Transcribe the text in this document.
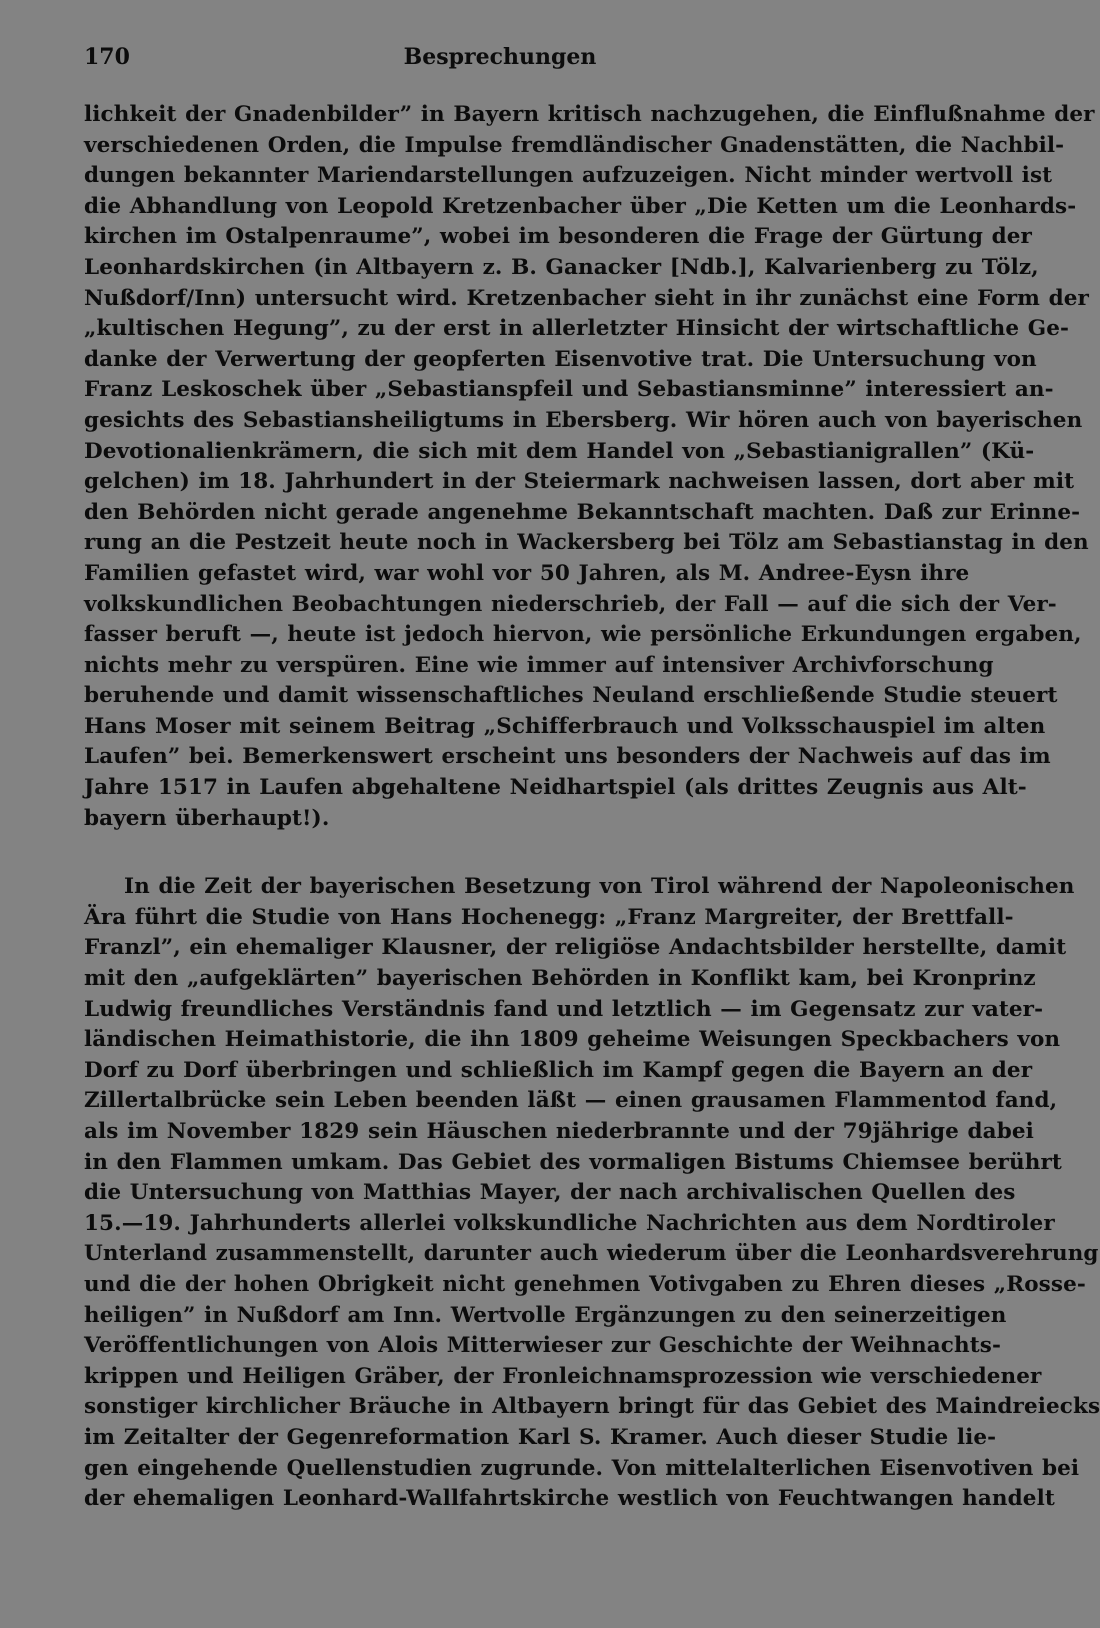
170	Besprechungen
lichkeit der Gnadenbilder” in Bayern kritisch nachzugehen, die Einflußnahme der
verschiedenen Orden, die Impulse fremdländischer Gnadenstätten, die Nachbil-
dungen bekannter Mariendarstellungen aufzuzeigen. Nicht minder wertvoll ist
die Abhandlung von Leopold Kretzenbacher über „Die Ketten um die Leonhards-
kirchen im Ostalpenraume”, wobei im besonderen die Frage der Gürtung der
Leonhardskirchen (in Altbayern z. B. Ganacker [Ndb.], Kalvarienberg zu Tölz,
Nußdorf/Inn) untersucht wird. Kretzenbacher sieht in ihr zunächst eine Form der
„kultischen Hegung”, zu der erst in allerletzter Hinsicht der wirtschaftliche Ge-
danke der Verwertung der geopferten Eisenvotive trat. Die Untersuchung von
Franz Leskoschek über „Sebastianspfeil und Sebastiansminne” interessiert an-
gesichts des Sebastiansheiligtums in Ebersberg. Wir hören auch von bayerischen
Devotionalienkrämern, die sich mit dem Handel von „Sebastianigrallen” (Kü-
gelchen) im 18. Jahrhundert in der Steiermark nachweisen lassen, dort aber mit
den Behörden nicht gerade angenehme Bekanntschaft machten. Daß zur Erinne-
rung an die Pestzeit heute noch in Wackersberg bei Tölz am Sebastianstag in den
Familien gefastet wird, war wohl vor 50 Jahren, als M. Andree-Eysn ihre
volkskundlichen Beobachtungen niederschrieb, der Fall — auf die sich der Ver-
fasser beruft —, heute ist jedoch hiervon, wie persönliche Erkundungen ergaben,
nichts mehr zu verspüren. Eine wie immer auf intensiver Archivforschung
beruhende und damit wissenschaftliches Neuland erschließende Studie steuert
Hans Moser mit seinem Beitrag „Schifferbrauch und Volksschauspiel im alten
Laufen” bei. Bemerkenswert erscheint uns besonders der Nachweis auf das im
Jahre 1517 in Laufen abgehaltene Neidhartspiel (als drittes Zeugnis aus Alt-
bayern überhaupt!).
In die Zeit der bayerischen Besetzung von Tirol während der Napoleonischen
Ära führt die Studie von Hans Hochenegg: „Franz Margreiter, der Brettfall-
Franzl”, ein ehemaliger Klausner, der religiöse Andachtsbilder herstellte, damit
mit den „aufgeklärten” bayerischen Behörden in Konflikt kam, bei Kronprinz
Ludwig freundliches Verständnis fand und letztlich — im Gegensatz zur vater-
ländischen Heimathistorie, die ihn 1809 geheime Weisungen Speckbachers von
Dorf zu Dorf überbringen und schließlich im Kampf gegen die Bayern an der
Zillertalbrücke sein Leben beenden läßt — einen grausamen Flammentod fand,
als im November 1829 sein Häuschen niederbrannte und der 79jährige dabei
in den Flammen umkam. Das Gebiet des vormaligen Bistums Chiemsee berührt
die Untersuchung von Matthias Mayer, der nach archivalischen Quellen des
15.—19. Jahrhunderts allerlei volkskundliche Nachrichten aus dem Nordtiroler
Unterland zusammenstellt, darunter auch wiederum über die Leonhardsverehrung
und die der hohen Obrigkeit nicht genehmen Votivgaben zu Ehren dieses „Rosse-
heiligen” in Nußdorf am Inn. Wertvolle Ergänzungen zu den seinerzeitigen
Veröffentlichungen von Alois Mitterwieser zur Geschichte der Weihnachts-
krippen und Heiligen Gräber, der Fronleichnamsprozession wie verschiedener
sonstiger kirchlicher Bräuche in Altbayern bringt für das Gebiet des Maindreiecks
im Zeitalter der Gegenreformation Karl S. Kramer. Auch dieser Studie lie-
gen eingehende Quellenstudien zugrunde. Von mittelalterlichen Eisenvotiven bei
der ehemaligen Leonhard-Wallfahrtskirche westlich von Feuchtwangen handelt
